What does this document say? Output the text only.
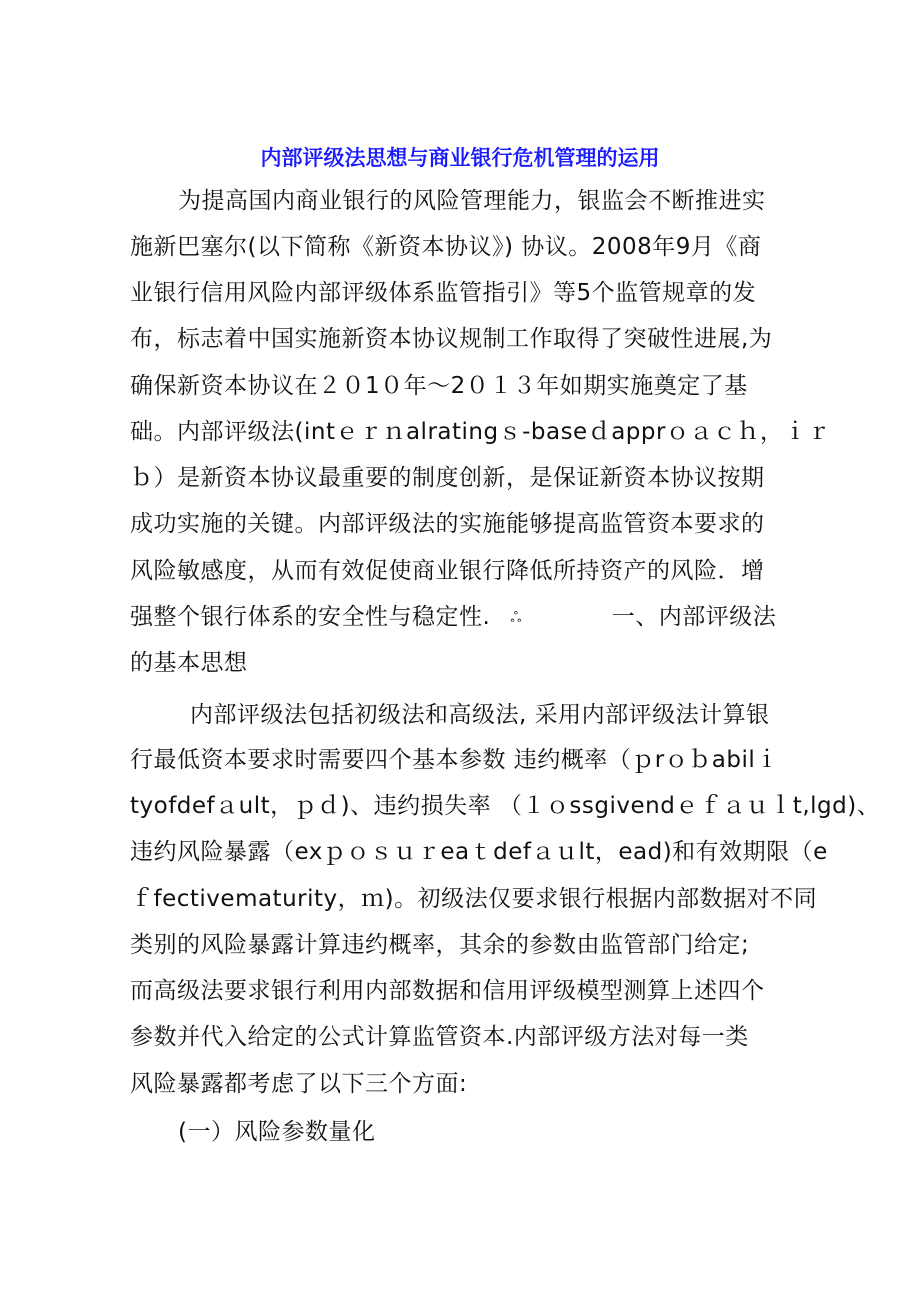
内部评级法思想与商业银行危机管理的运用
为提高国内商业银行的风险管理能力，银监会不断推进实
施新巴塞尔(以下简称《新资本协议》) 协议。2008年9月《商
业银行信用风险内部评级体系监管指引》等5个监管规章的发
布，标志着中国实施新资本协议规制工作取得了突破性进展,为
确保新资本协议在２０1０年～2０１３年如期实施奠定了基
础。内部评级法(intｅｒｎalratingｓ-baseｄapprｏａｃｈ，ｉｒ
ｂ）是新资本协议最重要的制度创新，是保证新资本协议按期
成功实施的关键。内部评级法的实施能够提高监管资本要求的
风险敏感度，从而有效促使商业银行降低所持资产的风险．增
强整个银行体系的安全性与稳定性. ஃ	一、内部评级法
的基本思想
内部评级法包括初级法和高级法, 采用内部评级法计算银
行最低资本要求时需要四个基本参数 违约概率（ｐrｏｂabilｉ
tyofdefａult，ｐｄ)、违约损失率 （１ｏssgivendｅｆａｕｌt,lgd)、
违约风险暴露（exｐｏｓｕｒeaｔdefａｕlt，ead)和有效期限（e
ｆfectivematurity，ｍ)。初级法仅要求银行根据内部数据对不同
类别的风险暴露计算违约概率，其余的参数由监管部门给定;
而高级法要求银行利用内部数据和信用评级模型测算上述四个
参数并代入给定的公式计算监管资本.内部评级方法对每一类
风险暴露都考虑了以下三个方面:
(一）风险参数量化
